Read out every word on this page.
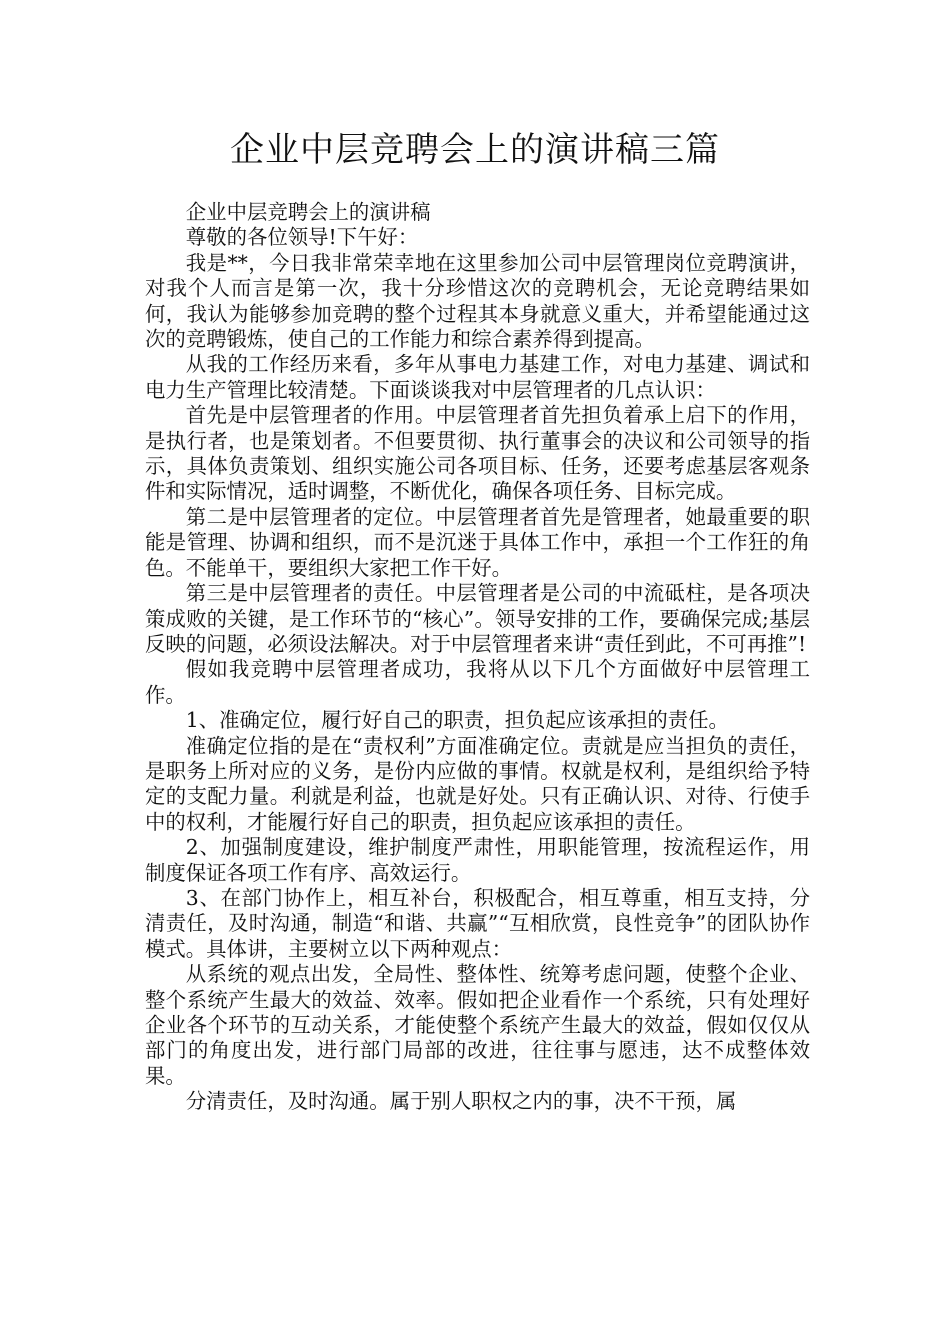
企业中层竞聘会上的演讲稿三篇

企业中层竞聘会上的演讲稿

尊敬的各位领导!下午好：

我是**，今日我非常荣幸地在这里参加公司中层管理岗位竞聘演讲，对我个人而言是第一次，我十分珍惜这次的竞聘机会，无论竞聘结果如何，我认为能够参加竞聘的整个过程其本身就意义重大，并希望能通过这次的竞聘锻炼，使自己的工作能力和综合素养得到提高。

从我的工作经历来看，多年从事电力基建工作，对电力基建、调试和电力生产管理比较清楚。下面谈谈我对中层管理者的几点认识：

首先是中层管理者的作用。中层管理者首先担负着承上启下的作用，是执行者，也是策划者。不但要贯彻、执行董事会的决议和公司领导的指示，具体负责策划、组织实施公司各项目标、任务，还要考虑基层客观条件和实际情况，适时调整，不断优化，确保各项任务、目标完成。

第二是中层管理者的定位。中层管理者首先是管理者，她最重要的职能是管理、协调和组织，而不是沉迷于具体工作中，承担一个工作狂的角色。不能单干，要组织大家把工作干好。

第三是中层管理者的责任。中层管理者是公司的中流砥柱，是各项决策成败的关键，是工作环节的“核心”。领导安排的工作，要确保完成;基层反映的问题，必须设法解决。对于中层管理者来讲“责任到此，不可再推”!

假如我竞聘中层管理者成功，我将从以下几个方面做好中层管理工作。

1、准确定位，履行好自己的职责，担负起应该承担的责任。

准确定位指的是在“责权利”方面准确定位。责就是应当担负的责任，是职务上所对应的义务，是份内应做的事情。权就是权利，是组织给予特定的支配力量。利就是利益，也就是好处。只有正确认识、对待、行使手中的权利，才能履行好自己的职责，担负起应该承担的责任。

2、加强制度建设，维护制度严肃性，用职能管理，按流程运作，用制度保证各项工作有序、高效运行。

3、在部门协作上，相互补台，积极配合，相互尊重，相互支持，分清责任，及时沟通，制造“和谐、共赢”“互相欣赏，良性竞争”的团队协作模式。具体讲，主要树立以下两种观点：

从系统的观点出发，全局性、整体性、统筹考虑问题，使整个企业、整个系统产生最大的效益、效率。假如把企业看作一个系统，只有处理好企业各个环节的互动关系，才能使整个系统产生最大的效益，假如仅仅从部门的角度出发，进行部门局部的改进，往往事与愿违，达不成整体效果。

分清责任，及时沟通。属于别人职权之内的事，决不干预，属
